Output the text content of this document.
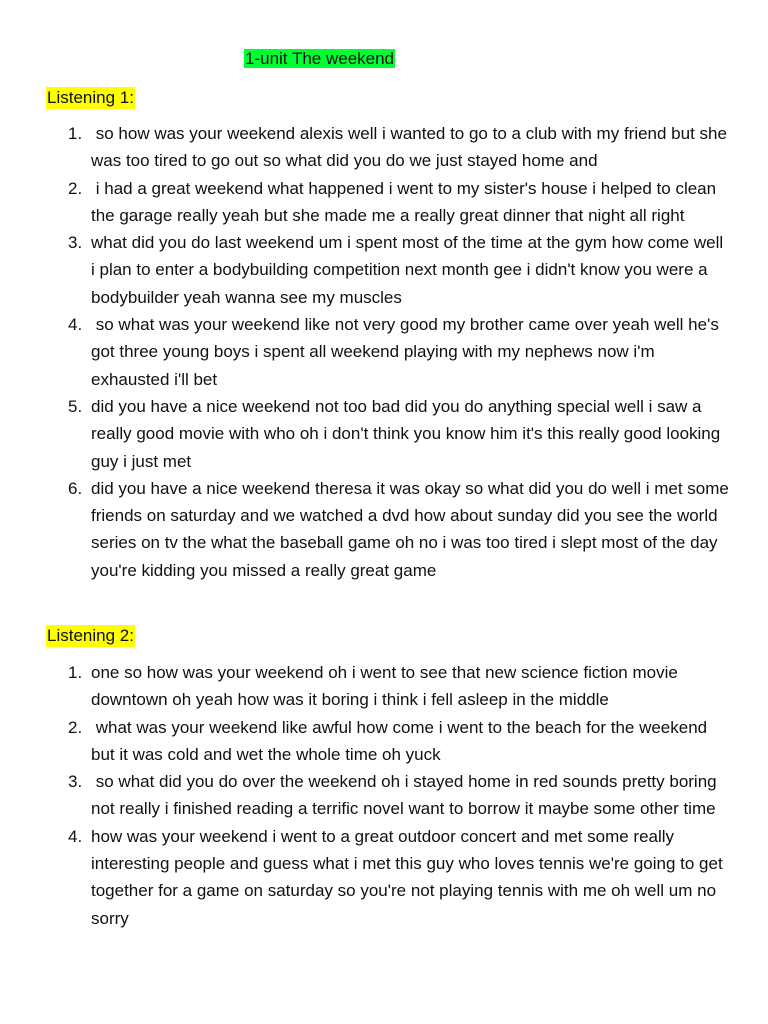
1-unit The weekend
Listening 1:
1. so how was your weekend alexis well i wanted to go to a club with my friend but she was too tired to go out so what did you do we just stayed home and
2. i had a great weekend what happened i went to my sister's house i helped to clean the garage really yeah but she made me a really great dinner that night all right
3. what did you do last weekend um i spent most of the time at the gym how come well i plan to enter a bodybuilding competition next month gee i didn't know you were a bodybuilder yeah wanna see my muscles
4. so what was your weekend like not very good my brother came over yeah well he's got three young boys i spent all weekend playing with my nephews now i'm exhausted i'll bet
5. did you have a nice weekend not too bad did you do anything special well i saw a really good movie with who oh i don't think you know him it's this really good looking guy i just met
6. did you have a nice weekend theresa it was okay so what did you do well i met some friends on saturday and we watched a dvd how about sunday did you see the world series on tv the what the baseball game oh no i was too tired i slept most of the day you're kidding you missed a really great game
Listening 2:
1. one so how was your weekend oh i went to see that new science fiction movie downtown oh yeah how was it boring i think i fell asleep in the middle
2. what was your weekend like awful how come i went to the beach for the weekend but it was cold and wet the whole time oh yuck
3. so what did you do over the weekend oh i stayed home in red sounds pretty boring not really i finished reading a terrific novel want to borrow it maybe some other time
4. how was your weekend i went to a great outdoor concert and met some really interesting people and guess what i met this guy who loves tennis we're going to get together for a game on saturday so you're not playing tennis with me oh well um no sorry
